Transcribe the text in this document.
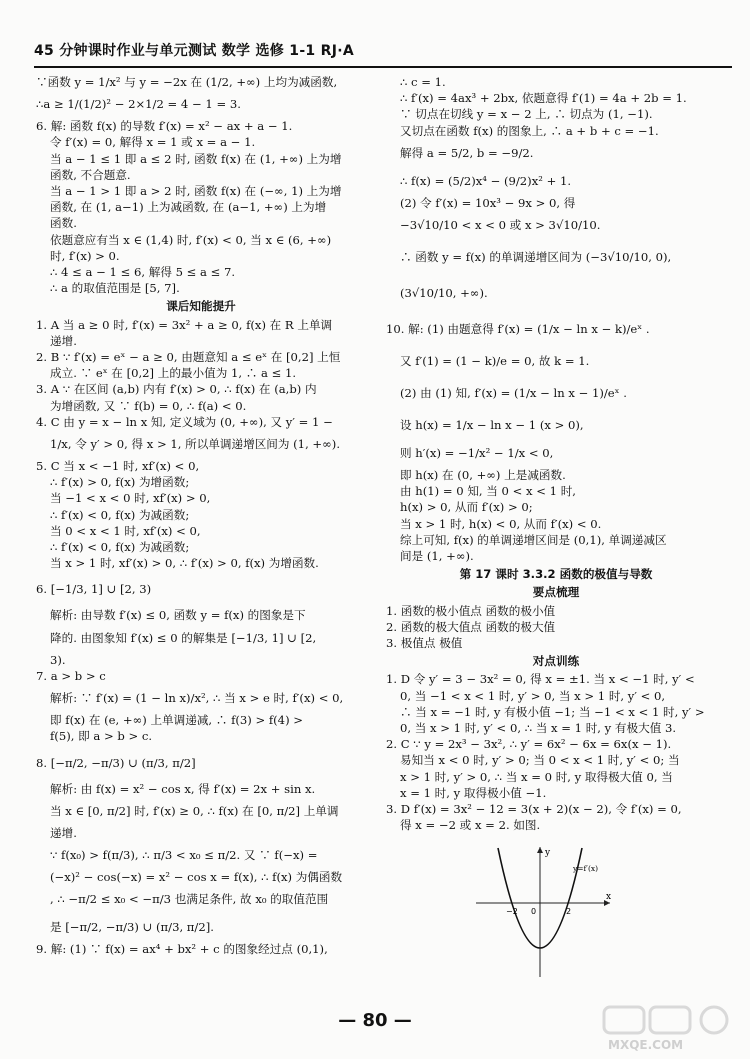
45 分钟课时作业与单元测试 数学 选修 1-1 RJ·A
∵函数 y = 1/x² 与 y = −2x 在 (1/2, +∞) 上均为减函数,
∴a ≥ 1/(1/2)² − 2×1/2 = 4 − 1 = 3.
6. 解: 函数 f(x) 的导数 f′(x) = x² − ax + a − 1.
令 f′(x) = 0, 解得 x = 1 或 x = a − 1.
当 a − 1 ≤ 1 即 a ≤ 2 时, 函数 f(x) 在 (1, +∞) 上为增
函数, 不合题意.
当 a − 1 > 1 即 a > 2 时, 函数 f(x) 在 (−∞, 1) 上为增
函数, 在 (1, a−1) 上为减函数, 在 (a−1, +∞) 上为增
函数.
依题意应有当 x ∈ (1,4) 时, f′(x) < 0, 当 x ∈ (6, +∞)
时, f′(x) > 0.
∴ 4 ≤ a − 1 ≤ 6, 解得 5 ≤ a ≤ 7.
∴ a 的取值范围是 [5, 7].
课后知能提升
1. A 当 a ≥ 0 时, f′(x) = 3x² + a ≥ 0, f(x) 在 R 上单调
递增.
2. B ∵ f′(x) = eˣ − a ≥ 0, 由题意知 a ≤ eˣ 在 [0,2] 上恒
成立. ∵ eˣ 在 [0,2] 上的最小值为 1, ∴ a ≤ 1.
3. A ∵ 在区间 (a,b) 内有 f′(x) > 0, ∴ f(x) 在 (a,b) 内
为增函数, 又 ∵ f(b) = 0, ∴ f(a) < 0.
4. C 由 y = x − ln x 知, 定义域为 (0, +∞), 又 y′ = 1 −
1/x, 令 y′ > 0, 得 x > 1, 所以单调递增区间为 (1, +∞).
5. C 当 x < −1 时, xf′(x) < 0,
∴ f′(x) > 0, f(x) 为增函数;
当 −1 < x < 0 时, xf′(x) > 0,
∴ f′(x) < 0, f(x) 为减函数;
当 0 < x < 1 时, xf′(x) < 0,
∴ f′(x) < 0, f(x) 为减函数;
当 x > 1 时, xf′(x) > 0, ∴ f′(x) > 0, f(x) 为增函数.
6. [−1/3, 1] ∪ [2, 3)
解析: 由导数 f′(x) ≤ 0, 函数 y = f(x) 的图象是下
降的. 由图象知 f′(x) ≤ 0 的解集是 [−1/3, 1] ∪ [2,
3).
7. a > b > c
解析: ∵ f′(x) = (1 − ln x)/x², ∴ 当 x > e 时, f′(x) < 0,
即 f(x) 在 (e, +∞) 上单调递减, ∴ f(3) > f(4) >
f(5), 即 a > b > c.
8. [−π/2, −π/3) ∪ (π/3, π/2]
解析: 由 f(x) = x² − cos x, 得 f′(x) = 2x + sin x.
当 x ∈ [0, π/2] 时, f′(x) ≥ 0, ∴ f(x) 在 [0, π/2] 上单调
递增.
∵ f(x₀) > f(π/3), ∴ π/3 < x₀ ≤ π/2. 又 ∵ f(−x) =
(−x)² − cos(−x) = x² − cos x = f(x), ∴ f(x) 为偶函数
, ∴ −π/2 ≤ x₀ < −π/3 也满足条件, 故 x₀ 的取值范围
是 [−π/2, −π/3) ∪ (π/3, π/2].
9. 解: (1) ∵ f(x) = ax⁴ + bx² + c 的图象经过点 (0,1),
∴ c = 1.
∴ f′(x) = 4ax³ + 2bx, 依题意得 f′(1) = 4a + 2b = 1.
∵ 切点在切线 y = x − 2 上, ∴ 切点为 (1, −1).
又切点在函数 f(x) 的图象上, ∴ a + b + c = −1.
解得 a = 5/2, b = −9/2.
∴ f(x) = (5/2)x⁴ − (9/2)x² + 1.
(2) 令 f′(x) = 10x³ − 9x > 0, 得
−3√10/10 < x < 0 或 x > 3√10/10.
∴ 函数 y = f(x) 的单调递增区间为 (−3√10/10, 0),
(3√10/10, +∞).
10. 解: (1) 由题意得 f′(x) = (1/x − ln x − k)/eˣ .
又 f′(1) = (1 − k)/e = 0, 故 k = 1.
(2) 由 (1) 知, f′(x) = (1/x − ln x − 1)/eˣ .
设 h(x) = 1/x − ln x − 1 (x > 0),
则 h′(x) = −1/x² − 1/x < 0,
即 h(x) 在 (0, +∞) 上是减函数.
由 h(1) = 0 知, 当 0 < x < 1 时,
h(x) > 0, 从而 f′(x) > 0;
当 x > 1 时, h(x) < 0, 从而 f′(x) < 0.
综上可知, f(x) 的单调递增区间是 (0,1), 单调递减区
间是 (1, +∞).
第 17 课时 3.3.2 函数的极值与导数
要点梳理
1. 函数的极小值点 函数的极小值
2. 函数的极大值点 函数的极大值
3. 极值点 极值
对点训练
1. D 令 y′ = 3 − 3x² = 0, 得 x = ±1. 当 x < −1 时, y′ <
0, 当 −1 < x < 1 时, y′ > 0, 当 x > 1 时, y′ < 0,
∴ 当 x = −1 时, y 有极小值 −1; 当 −1 < x < 1 时, y′ >
0, 当 x > 1 时, y′ < 0, ∴ 当 x = 1 时, y 有极大值 3.
2. C ∵ y = 2x³ − 3x², ∴ y′ = 6x² − 6x = 6x(x − 1).
易知当 x < 0 时, y′ > 0; 当 0 < x < 1 时, y′ < 0; 当
x > 1 时, y′ > 0, ∴ 当 x = 0 时, y 取得极大值 0, 当
x = 1 时, y 取得极小值 −1.
3. D f′(x) = 3x² − 12 = 3(x + 2)(x − 2), 令 f′(x) = 0,
得 x = −2 或 x = 2. 如图.
y
x
y=f′(x)
0
−2	2
— 80 —
MXQE.COM
